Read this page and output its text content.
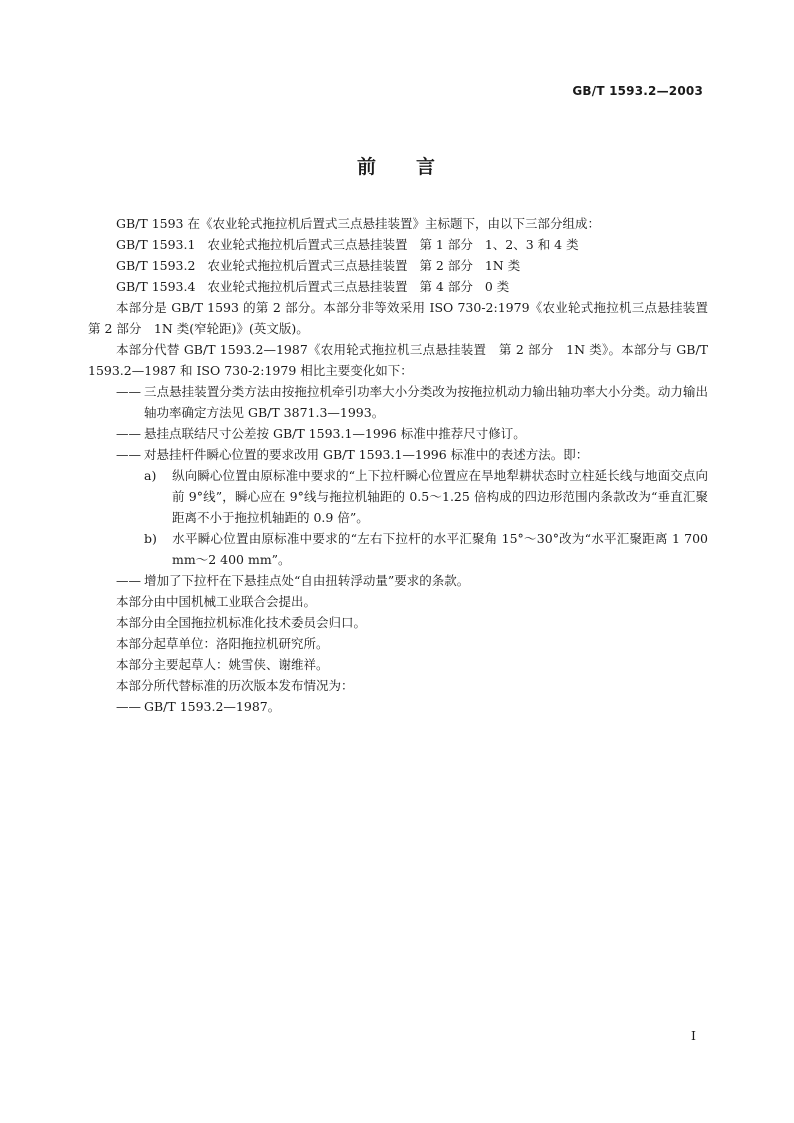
GB/T 1593.2—2003
前 言

GB/T 1593 在《农业轮式拖拉机后置式三点悬挂装置》主标题下，由以下三部分组成：

GB/T 1593.1 农业轮式拖拉机后置式三点悬挂装置 第 1 部分 1、2、3 和 4 类

GB/T 1593.2 农业轮式拖拉机后置式三点悬挂装置 第 2 部分 1N 类

GB/T 1593.4 农业轮式拖拉机后置式三点悬挂装置 第 4 部分 0 类

本部分是 GB/T 1593 的第 2 部分。本部分非等效采用 ISO 730-2:1979《农业轮式拖拉机三点悬挂装置　第 2 部分　1N 类(窄轮距)》(英文版)。

本部分代替 GB/T 1593.2—1987《农用轮式拖拉机三点悬挂装置　第 2 部分　1N 类》。本部分与 GB/T 1593.2—1987 和 ISO 730-2:1979 相比主要变化如下：

—— 三点悬挂装置分类方法由按拖拉机牵引功率大小分类改为按拖拉机动力输出轴功率大小分类。动力输出轴功率确定方法见 GB/T 3871.3—1993。

—— 悬挂点联结尺寸公差按 GB/T 1593.1—1996 标准中推荐尺寸修订。

—— 对悬挂杆件瞬心位置的要求改用 GB/T 1593.1—1996 标准中的表述方法。即：

a) 纵向瞬心位置由原标准中要求的“上下拉杆瞬心位置应在旱地犁耕状态时立柱延长线与地面交点向前 9°线”，瞬心应在 9°线与拖拉机轴距的 0.5～1.25 倍构成的四边形范围内条款改为“垂直汇聚距离不小于拖拉机轴距的 0.9 倍”。

b) 水平瞬心位置由原标准中要求的“左右下拉杆的水平汇聚角 15°～30°改为“水平汇聚距离 1 700 mm～2 400 mm”。

—— 增加了下拉杆在下悬挂点处“自由扭转浮动量”要求的条款。

本部分由中国机械工业联合会提出。

本部分由全国拖拉机标准化技术委员会归口。

本部分起草单位：洛阳拖拉机研究所。

本部分主要起草人：姚雪侠、谢维祥。

本部分所代替标准的历次版本发布情况为：

—— GB/T 1593.2—1987。

I
